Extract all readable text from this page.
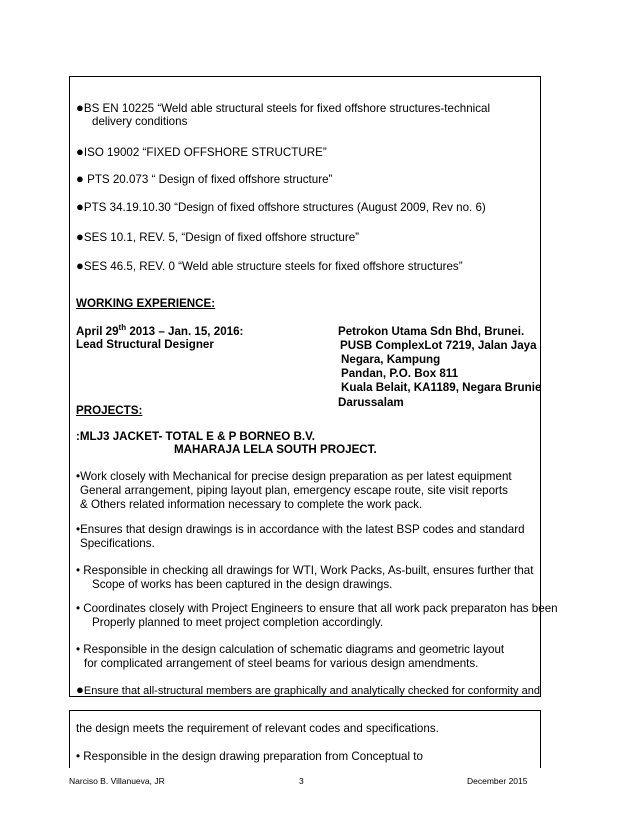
●BS EN 10225 “Weld able structural steels for fixed offshore structures-technical
delivery conditions
●ISO 19002 “FIXED OFFSHORE STRUCTURE”
● PTS 20.073 “ Design of fixed offshore structure”
●PTS 34.19.10.30 “Design of fixed offshore structures (August 2009, Rev no. 6)
●SES 10.1, REV. 5, “Design of fixed offshore structure”
●SES 46.5, REV. 0 “Weld able structure steels for fixed offshore structures”
WORKING EXPERIENCE:
April 29th 2013 – Jan. 15, 2016:
Lead Structural Designer
Petrokon Utama Sdn Bhd, Brunei.
PUSB ComplexLot 7219, Jalan Jaya
Negara, Kampung
Pandan, P.O. Box 811
Kuala Belait, KA1189, Negara Brunie
Darussalam
PROJECTS:
:MLJ3 JACKET- TOTAL E & P BORNEO B.V.
MAHARAJA LELA SOUTH PROJECT.
•Work closely with Mechanical for precise design preparation as per latest equipment
General arrangement, piping layout plan, emergency escape route, site visit reports
& Others related information necessary to complete the work pack.
•Ensures that design drawings is in accordance with the latest BSP codes and standard
Specifications.
• Responsible in checking all drawings for WTI, Work Packs, As-built, ensures further that
Scope of works has been captured in the design drawings.
• Coordinates closely with Project Engineers to ensure that all work pack preparaton has been
Properly planned to meet project completion accordingly.
• Responsible in the design calculation of schematic diagrams and geometric layout
for complicated arrangement of steel beams for various design amendments.
●Ensure that all-structural members are graphically and analytically checked for conformity and
the design meets the requirement of relevant codes and specifications.
• Responsible in the design drawing preparation from Conceptual to
Narciso B. Villanueva, JR	3	December 2015
